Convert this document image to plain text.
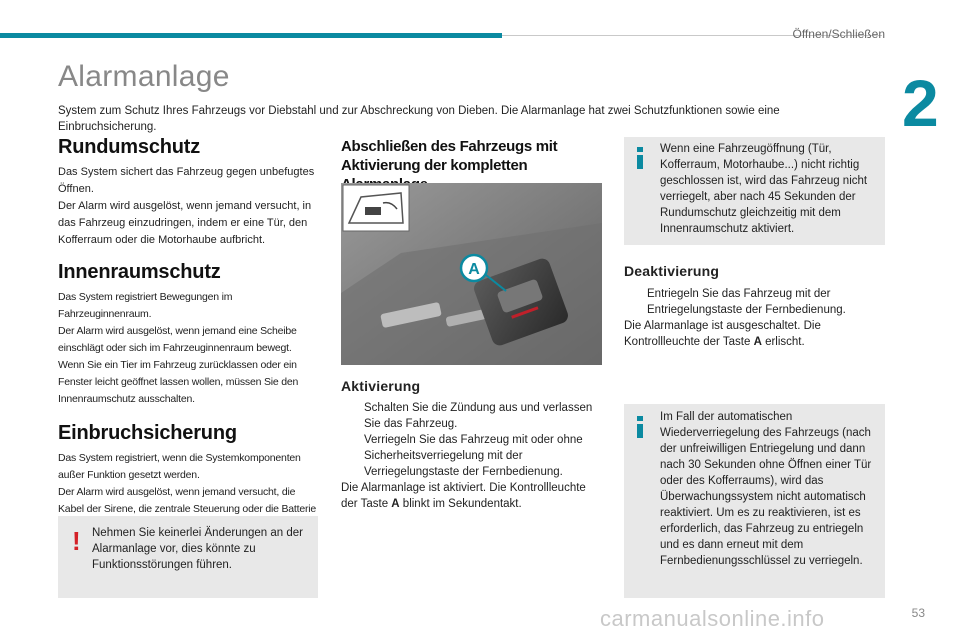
Öffnen/Schließen
2
Alarmanlage

System zum Schutz Ihres Fahrzeugs vor Diebstahl und zur Abschreckung von Dieben. Die Alarmanlage hat zwei Schutzfunktionen sowie eine Einbruchsicherung.

Rundumschutz

Das System sichert das Fahrzeug gegen unbefugtes Öffnen.

Der Alarm wird ausgelöst, wenn jemand versucht, in das Fahrzeug einzudringen, indem er eine Tür, den Kofferraum oder die Motorhaube aufbricht.

Innenraumschutz

Das System registriert Bewegungen im Fahrzeuginnenraum.

Der Alarm wird ausgelöst, wenn jemand eine Scheibe einschlägt oder sich im Fahrzeuginnenraum bewegt.

Wenn Sie ein Tier im Fahrzeug zurücklassen oder ein Fenster leicht geöffnet lassen wollen, müssen Sie den Innenraumschutz ausschalten.

Einbruchsicherung

Das System registriert, wenn die Systemkomponenten außer Funktion gesetzt werden.

Der Alarm wird ausgelöst, wenn jemand versucht, die Kabel der Sirene, die zentrale Steuerung oder die Batterie

! Nehmen Sie keinerlei Änderungen an der Alarmanlage vor, dies könnte zu Funktionsstörungen führen.

Abschließen des Fahrzeugs mit
Aktivierung der kompletten
A
Aktivierung
Schalten Sie die Zündung aus und verlassen Sie das Fahrzeug.
Verriegeln Sie das Fahrzeug mit oder ohne Sicherheitsverriegelung mit der Verriegelungstaste der Fernbedienung.

Die Alarmanlage ist aktiviert. Die Kontrollleuchte der Taste A blinkt im Sekundentakt.

Wenn eine Fahrzeugöffnung (Tür, Kofferraum, Motorhaube...) nicht richtig geschlossen ist, wird das Fahrzeug nicht verriegelt, aber nach 45 Sekunden der Rundumschutz gleichzeitig mit dem Innenraumschutz aktiviert.

Deaktivierung
Entriegeln Sie das Fahrzeug mit der Entriegelungstaste der Fernbedienung.

Die Alarmanlage ist ausgeschaltet. Die Kontrollleuchte der Taste A erlischt.

Im Fall der automatischen Wiederverriegelung des Fahrzeugs (nach der unfreiwilligen Entriegelung und dann nach 30 Sekunden ohne Öffnen einer Tür oder des Kofferraums), wird das Überwachungssystem nicht automatisch reaktiviert. Um es zu reaktivieren, ist es erforderlich, das Fahrzeug zu entriegeln und es dann erneut mit dem Fernbedienungsschlüssel zu verriegeln.

carmanualsonline.info	53
